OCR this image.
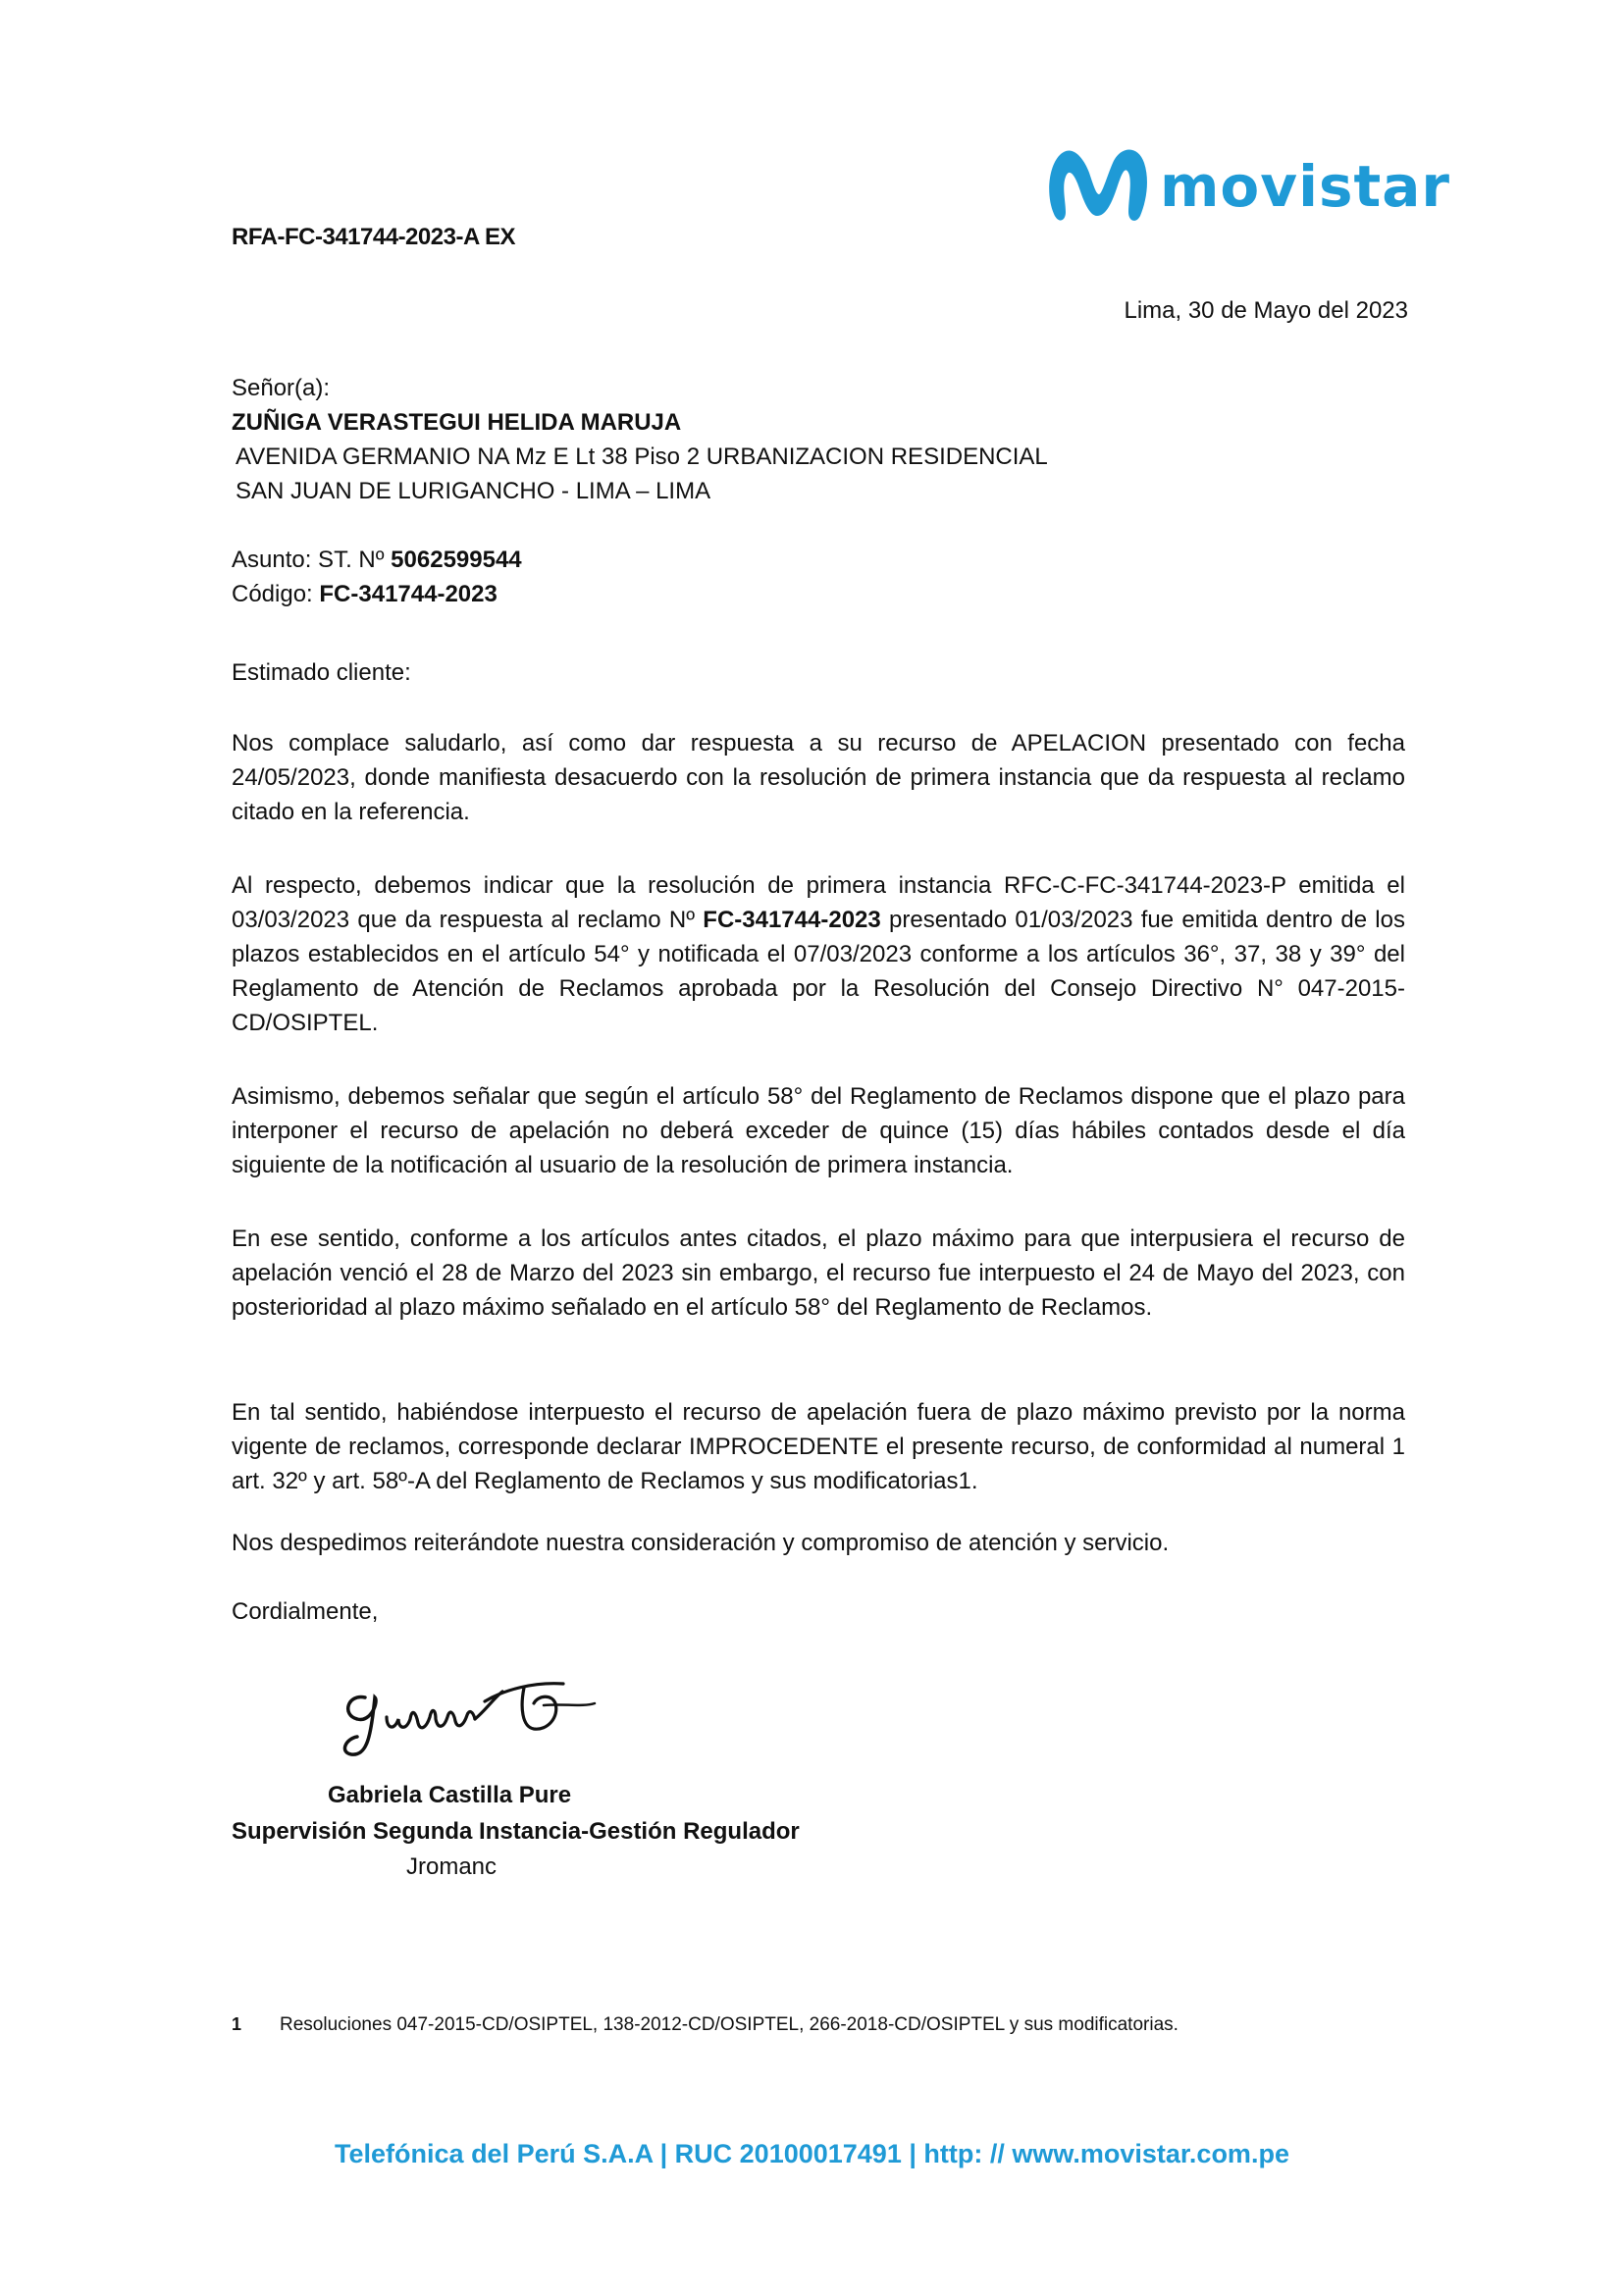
movistar
RFA-FC-341744-2023-A EX
Lima, 30 de Mayo del 2023
Señor(a):
ZUÑIGA VERASTEGUI HELIDA MARUJA
AVENIDA GERMANIO NA Mz E Lt 38 Piso 2 URBANIZACION RESIDENCIAL
SAN JUAN DE LURIGANCHO - LIMA – LIMA
Asunto: ST. Nº 5062599544
Código: FC-341744-2023

Estimado cliente:

Nos complace saludarlo, así como dar respuesta a su recurso de APELACION presentado con fecha 24/05/2023, donde manifiesta desacuerdo con la resolución de primera instancia que da respuesta al reclamo citado en la referencia.

Al respecto, debemos indicar que la resolución de primera instancia RFC-C-FC-341744-2023-P emitida el 03/03/2023 que da respuesta al reclamo Nº FC-341744-2023 presentado 01/03/2023 fue emitida dentro de los plazos establecidos en el artículo 54° y notificada el 07/03/2023 conforme a los artículos 36°, 37, 38 y 39° del Reglamento de Atención de Reclamos aprobada por la Resolución del Consejo Directivo N° 047-2015-CD/OSIPTEL.

Asimismo, debemos señalar que según el artículo 58° del Reglamento de Reclamos dispone que el plazo para interponer el recurso de apelación no deberá exceder de quince (15) días hábiles contados desde el día siguiente de la notificación al usuario de la resolución de primera instancia.

En ese sentido, conforme a los artículos antes citados, el plazo máximo para que interpusiera el recurso de apelación venció el 28 de Marzo del 2023 sin embargo, el recurso fue interpuesto el 24 de Mayo del 2023, con posterioridad al plazo máximo señalado en el artículo 58° del Reglamento de Reclamos.

En tal sentido, habiéndose interpuesto el recurso de apelación fuera de plazo máximo previsto por la norma vigente de reclamos, corresponde declarar IMPROCEDENTE el presente recurso, de conformidad al numeral 1 art. 32º y art. 58º-A del Reglamento de Reclamos y sus modificatorias1.

Nos despedimos reiterándote nuestra consideración y compromiso de atención y servicio.

Cordialmente,

Gabriela Castilla Pure
Supervisión Segunda Instancia-Gestión Regulador
Jromanc
1 Resoluciones 047-2015-CD/OSIPTEL, 138-2012-CD/OSIPTEL, 266-2018-CD/OSIPTEL y sus modificatorias.
Telefónica del Perú S.A.A | RUC 20100017491 | http: // www.movistar.com.pe
